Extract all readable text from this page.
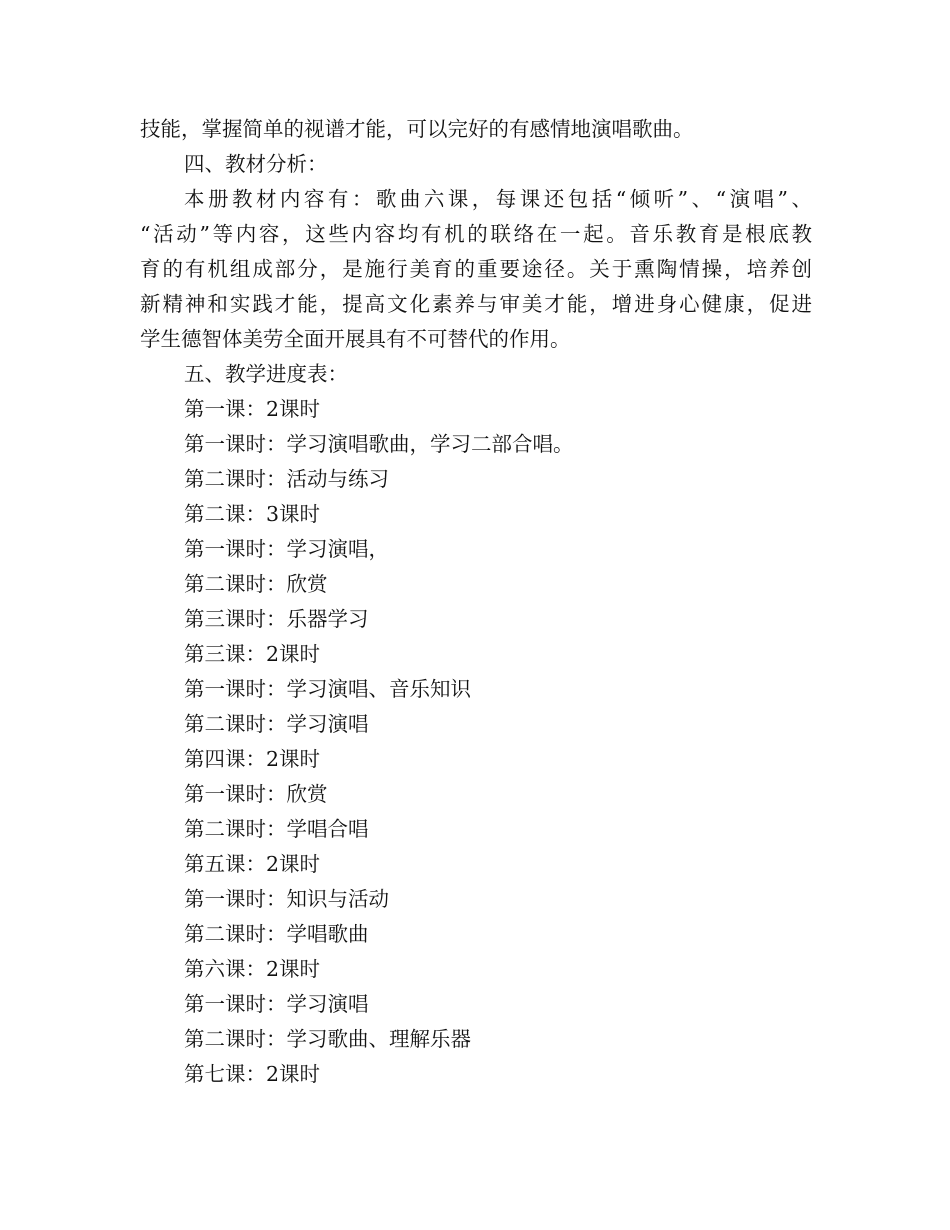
技能，掌握简单的视谱才能，可以完好的有感情地演唱歌曲。
四、教材分析：
本册教材内容有：歌曲六课，每课还包括“倾听”、“演唱”、
“活动”等内容，这些内容均有机的联络在一起。音乐教育是根底教
育的有机组成部分，是施行美育的重要途径。关于熏陶情操，培养创
新精神和实践才能，提高文化素养与审美才能，增进身心健康，促进
学生德智体美劳全面开展具有不可替代的作用。
五、教学进度表：
第一课：2课时
第一课时：学习演唱歌曲，学习二部合唱。
第二课时：活动与练习
第二课：3课时
第一课时：学习演唱，
第二课时：欣赏
第三课时：乐器学习
第三课：2课时
第一课时：学习演唱、音乐知识
第二课时：学习演唱
第四课：2课时
第一课时：欣赏
第二课时：学唱合唱
第五课：2课时
第一课时：知识与活动
第二课时：学唱歌曲
第六课：2课时
第一课时：学习演唱
第二课时：学习歌曲、理解乐器
第七课：2课时
